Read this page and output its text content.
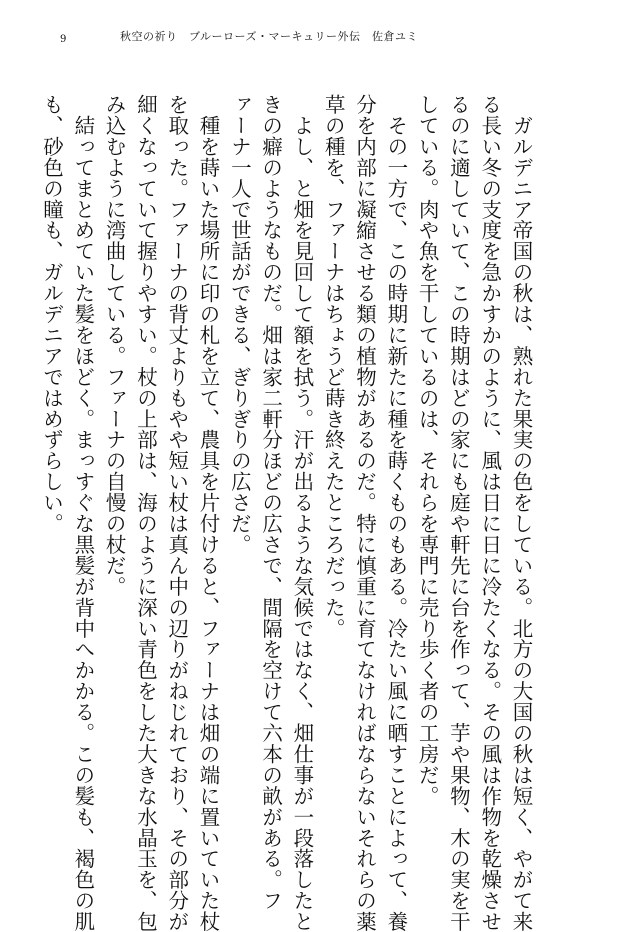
9	秋空の祈り　ブルーローズ・マーキュリー外伝　佐倉ユミ
　ガルデニア帝国の秋は、熟れた果実の色をしている。北方の大国の秋は短く、やがて来
る長い冬の支度を急かすかのように、風は日に日に冷たくなる。その風は作物を乾燥させ
るのに適していて、この時期はどの家にも庭や軒先に台を作って、芋や果物、木の実を干
している。肉や魚を干しているのは、それらを専門に売り歩く者の工房だ。
　その一方で、この時期に新たに種を蒔くものもある。冷たい風に晒すことによって、養
分を内部に凝縮させる類の植物があるのだ。特に慎重に育てなければならないそれらの薬
草の種を、ファーナはちょうど蒔き終えたところだった。
　よし、と畑を見回して額を拭う。汗が出るような気候ではなく、畑仕事が一段落したと
きの癖のようなものだ。畑は家二軒分ほどの広さで、間隔を空けて六本の畝がある。フ
ァーナ一人で世話ができる、ぎりぎりの広さだ。
　種を蒔いた場所に印の札を立て、農具を片付けると、ファーナは畑の端に置いていた杖
を取った。ファーナの背丈よりもやや短い杖は真ん中の辺りがねじれており、その部分が
細くなっていて握りやすい。杖の上部は、海のように深い青色をした大きな水晶玉を、包
み込むように湾曲している。ファーナの自慢の杖だ。
　結ってまとめていた髪をほどく。まっすぐな黒髪が背中へかかる。この髪も、褐色の肌
も、砂色の瞳も、ガルデニアではめずらしい。
